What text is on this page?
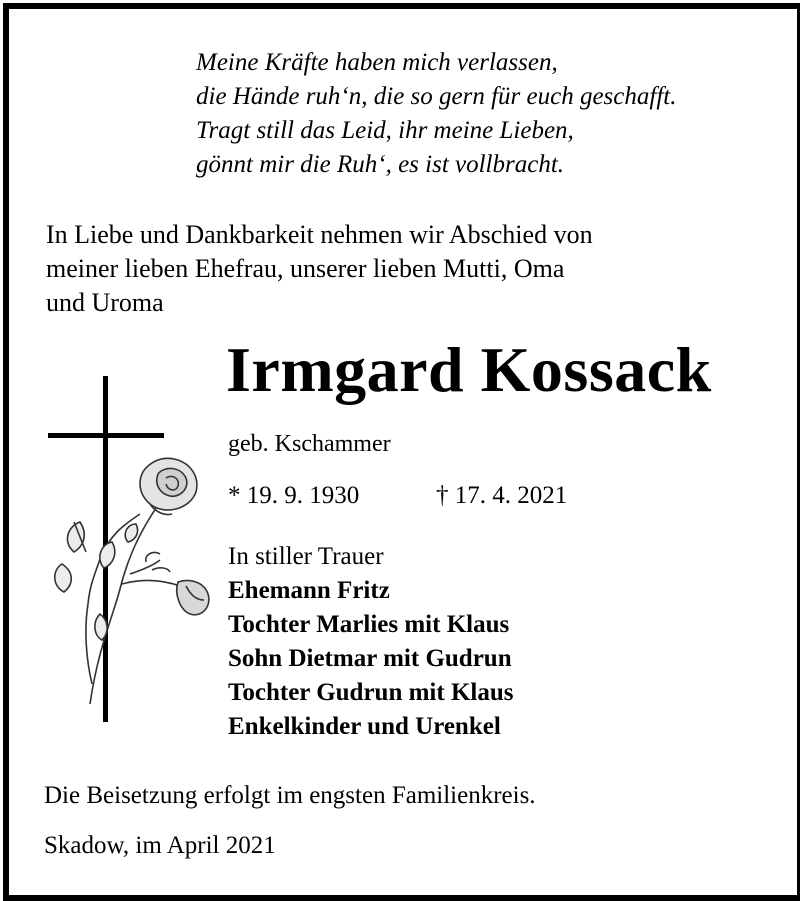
Meine Kräfte haben mich verlassen,
die Hände ruh‘n, die so gern für euch geschafft.
Tragt still das Leid, ihr meine Lieben,
gönnt mir die Ruh‘, es ist vollbracht.
In Liebe und Dankbarkeit nehmen wir Abschied von
meiner lieben Ehefrau, unserer lieben Mutti, Oma
und Uroma
Irmgard Kossack
geb. Kschammer
* 19. 9. 1930	† 17. 4. 2021
In stiller Trauer
Ehemann Fritz
Tochter Marlies mit Klaus
Sohn Dietmar mit Gudrun
Tochter Gudrun mit Klaus
Enkelkinder und Urenkel
Die Beisetzung erfolgt im engsten Familienkreis.
Skadow, im April 2021
